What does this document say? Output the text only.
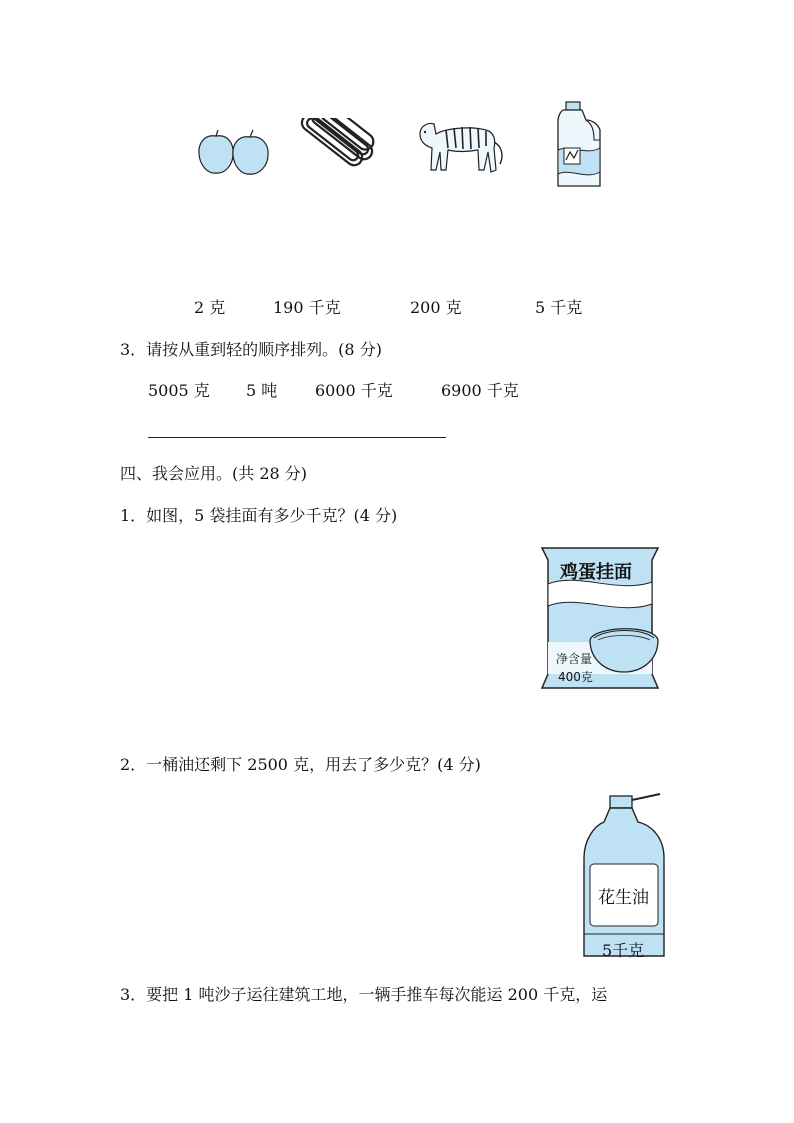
2 克	190 千克	200 克	5 千克
3．请按从重到轻的顺序排列。(8 分)
5005 克 5 吨 6000 千克	6900 千克
四、我会应用。(共 28 分)
1．如图，5 袋挂面有多少千克？(4 分)
鸡蛋挂面
净含量
400克
2．一桶油还剩下 2500 克，用去了多少克？(4 分)
花生油
5千克
3．要把 1 吨沙子运往建筑工地，一辆手推车每次能运 200 千克，运
